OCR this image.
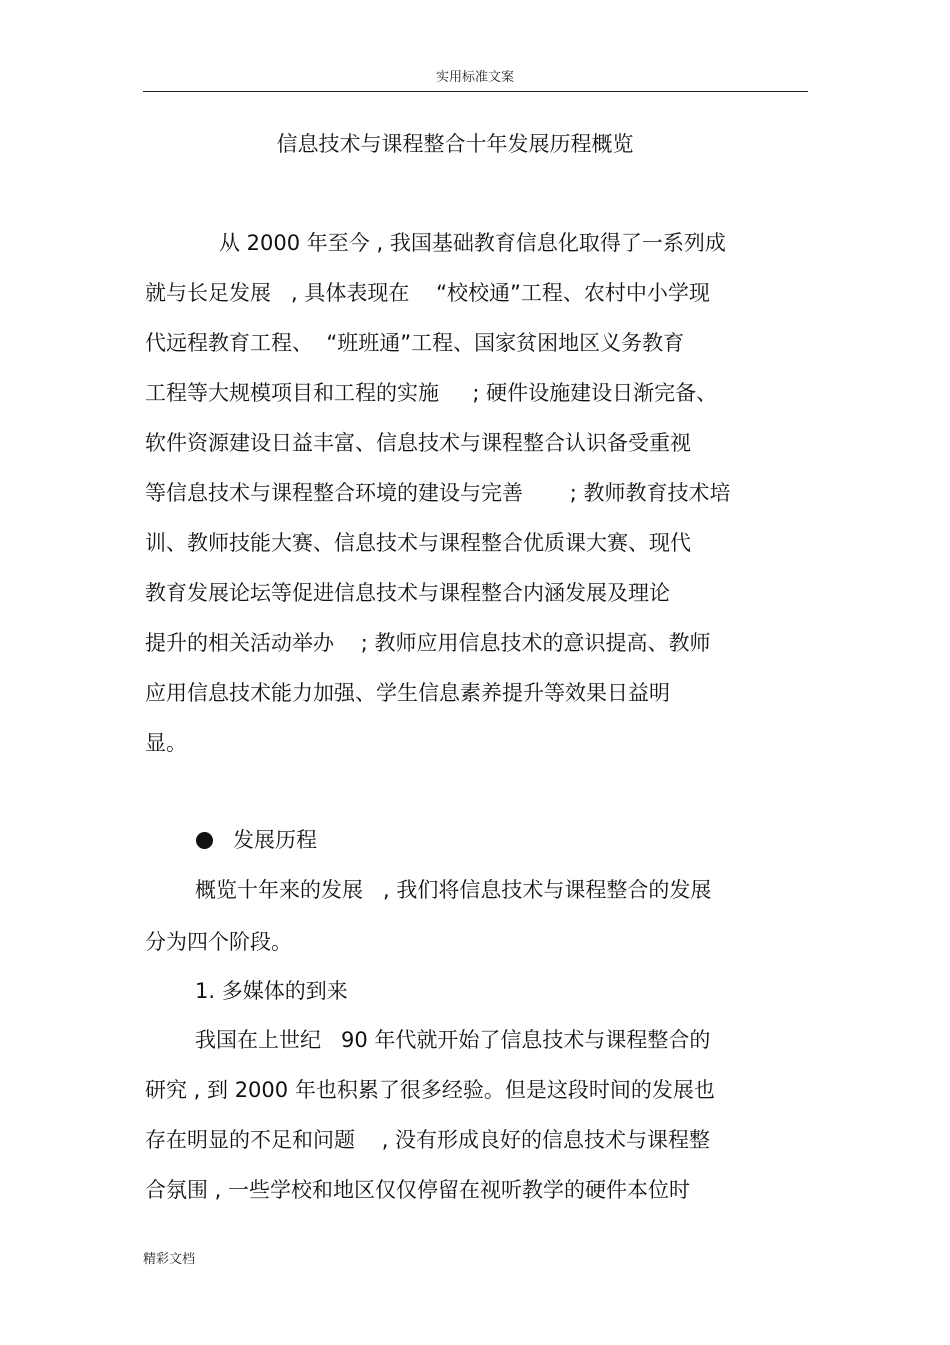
实用标准文案
信息技术与课程整合十年发展历程概览
从 2000 年至今 , 我国基础教育信息化取得了一系列成
就与长足发展   , 具体表现在    “校校通”工程、农村中小学现
代远程教育工程、  “班班通”工程、国家贫困地区义务教育
工程等大规模项目和工程的实施     ; 硬件设施建设日渐完备、
软件资源建设日益丰富、信息技术与课程整合认识备受重视
等信息技术与课程整合环境的建设与完善       ; 教师教育技术培
训、教师技能大赛、信息技术与课程整合优质课大赛、现代
教育发展论坛等促进信息技术与课程整合内涵发展及理论
提升的相关活动举办    ; 教师应用信息技术的意识提高、教师
应用信息技术能力加强、学生信息素养提升等效果日益明
显。
发展历程
概览十年来的发展   , 我们将信息技术与课程整合的发展
分为四个阶段。
1. 多媒体的到来
我国在上世纪   90 年代就开始了信息技术与课程整合的
研究 , 到 2000 年也积累了很多经验。但是这段时间的发展也
存在明显的不足和问题    , 没有形成良好的信息技术与课程整
合氛围 , 一些学校和地区仅仅停留在视听教学的硬件本位时
精彩文档
